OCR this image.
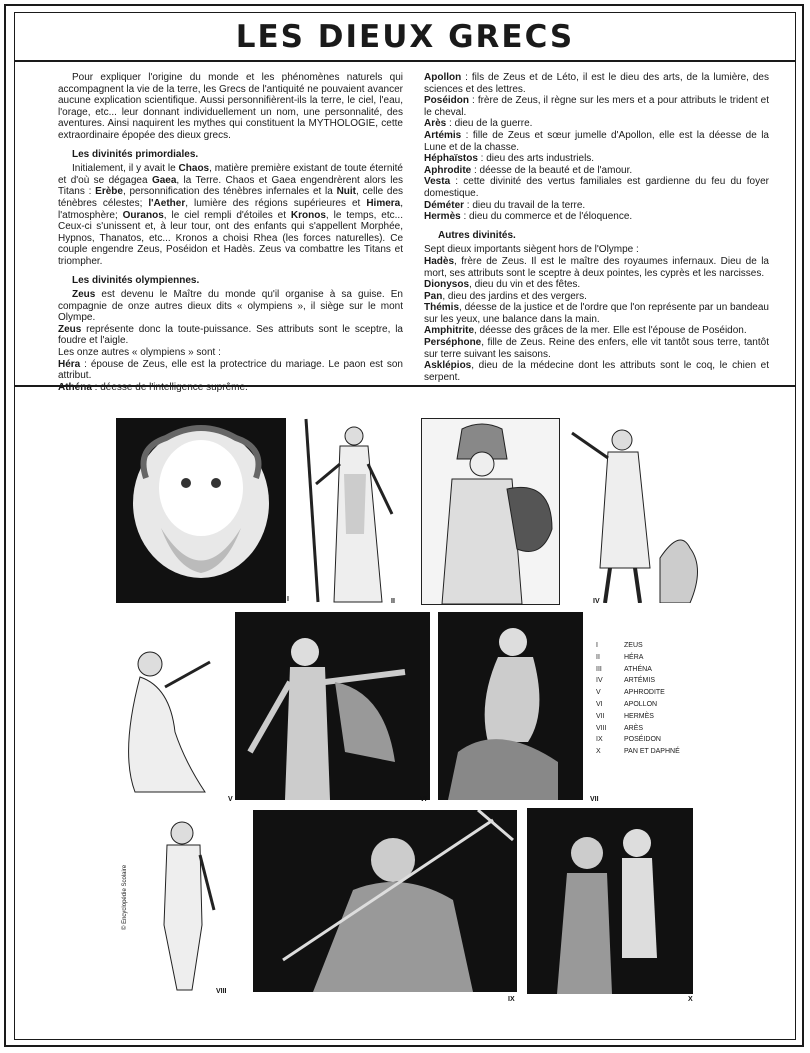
LES DIEUX GRECS

Pour expliquer l'origine du monde et les phénomènes naturels qui accompagnent la vie de la terre, les Grecs de l'antiquité ne pouvaient avancer aucune explication scientifique. Aussi personnifièrent-ils la terre, le ciel, l'eau, l'orage, etc... leur donnant individuellement un nom, une personnalité, des aventures. Ainsi naquirent les mythes qui constituent la MYTHOLOGIE, cette extraordinaire épopée des dieux grecs.

Les divinités primordiales.

Initialement, il y avait le Chaos, matière première existant de toute éternité et d'où se dégagea Gaea, la Terre. Chaos et Gaea engendrèrent alors les Titans : Erèbe, personnification des ténèbres infernales et la Nuit, celle des ténèbres célestes; l'Aether, lumière des régions supérieures et Himera, l'atmosphère; Ouranos, le ciel rempli d'étoiles et Kronos, le temps, etc... Ceux-ci s'unissent et, à leur tour, ont des enfants qui s'appellent Morphée, Hypnos, Thanatos, etc... Kronos a choisi Rhea (les forces naturelles). Ce couple engendre Zeus, Poséidon et Hadès. Zeus va combattre les Titans et triompher.

Les divinités olympiennes.

Zeus est devenu le Maître du monde qu'il organise à sa guise. En compagnie de onze autres dieux dits « olympiens », il siège sur le mont Olympe.

Zeus représente donc la toute-puissance. Ses attributs sont le sceptre, la foudre et l'aigle.

Les onze autres « olympiens » sont :

Héra : épouse de Zeus, elle est la protectrice du mariage. Le paon est son attribut.

Athéna : déesse de l'intelligence suprême.

Apollon : fils de Zeus et de Léto, il est le dieu des arts, de la lumière, des sciences et des lettres.

Poséidon : frère de Zeus, il règne sur les mers et a pour attributs le trident et le cheval.

Arès : dieu de la guerre.

Artémis : fille de Zeus et sœur jumelle d'Apollon, elle est la déesse de la Lune et de la chasse.

Héphaïstos : dieu des arts industriels.

Aphrodite : déesse de la beauté et de l'amour.

Vesta : cette divinité des vertus familiales est gardienne du feu du foyer domestique.

Déméter : dieu du travail de la terre.

Hermès : dieu du commerce et de l'éloquence.

Autres divinités.

Sept dieux importants siègent hors de l'Olympe :

Hadès, frère de Zeus. Il est le maître des royaumes infernaux. Dieu de la mort, ses attributs sont le sceptre à deux pointes, les cyprès et les narcisses.

Dionysos, dieu du vin et des fêtes.

Pan, dieu des jardins et des vergers.

Thémis, déesse de la justice et de l'ordre que l'on représente par un bandeau sur les yeux, une balance dans la main.

Amphitrite, déesse des grâces de la mer. Elle est l'épouse de Poséidon.

Perséphone, fille de Zeus. Reine des enfers, elle vit tantôt sous terre, tantôt sur terre suivant les saisons.

Asklépios, dieu de la médecine dont les attributs sont le coq, le chien et serpent.

I	II	IV
V	VI	VII
I	ZEUS
II	HÉRA
III	ATHÉNA
IV	ARTÉMIS
V	APHRODITE
VI	APOLLON
VII	HERMÈS
VIII	ARÈS
IX	POSÉIDON
X	PAN ET DAPHNÉ
© Encyclopédie Scolaire
VIII
IX	X
